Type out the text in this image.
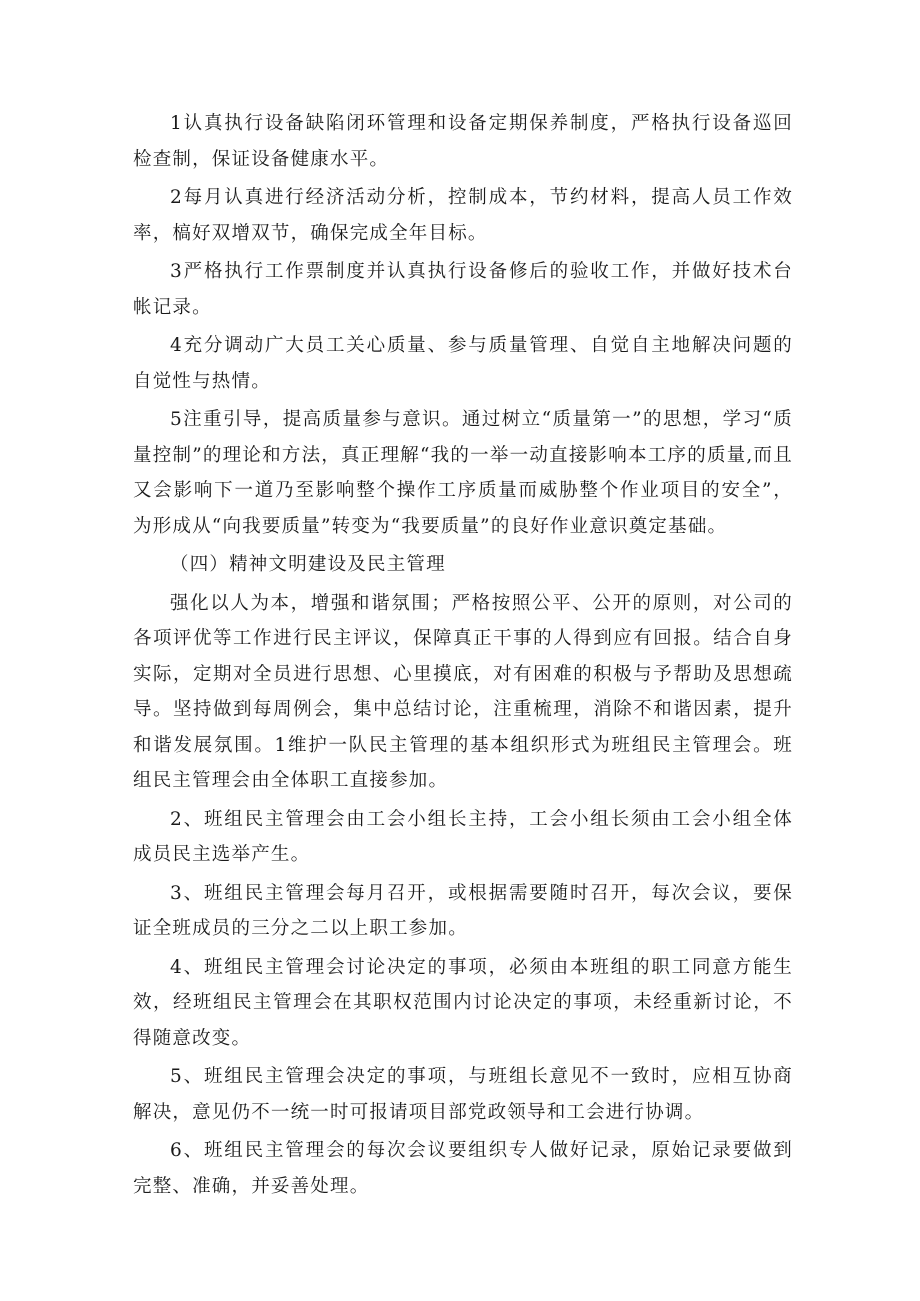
1认真执行设备缺陷闭环管理和设备定期保养制度，严格执行设备巡回检查制，保证设备健康水平。

2每月认真进行经济活动分析，控制成本，节约材料，提高人员工作效率，槁好双增双节，确保完成全年目标。

3严格执行工作票制度并认真执行设备修后的验收工作，并做好技术台帐记录。

4充分调动广大员工关心质量、参与质量管理、自觉自主地解决问题的自觉性与热情。

5注重引导，提高质量参与意识。通过树立“质量第一”的思想，学习“质量控制”的理论和方法，真正理解“我的一举一动直接影响本工序的质量,而且又会影响下一道乃至影响整个操作工序质量而威胁整个作业项目的安全”，为形成从“向我要质量”转变为“我要质量”的良好作业意识奠定基础。

（四）精神文明建设及民主管理

强化以人为本，增强和谐氛围；严格按照公平、公开的原则，对公司的各项评优等工作进行民主评议，保障真正干事的人得到应有回报。结合自身实际，定期对全员进行思想、心里摸底，对有困难的积极与予帮助及思想疏导。坚持做到每周例会，集中总结讨论，注重梳理，消除不和谐因素，提升和谐发展氛围。1维护一队民主管理的基本组织形式为班组民主管理会。班组民主管理会由全体职工直接参加。

2、班组民主管理会由工会小组长主持，工会小组长须由工会小组全体成员民主选举产生。

3、班组民主管理会每月召开，或根据需要随时召开，每次会议，要保证全班成员的三分之二以上职工参加。

4、班组民主管理会讨论决定的事项，必须由本班组的职工同意方能生效，经班组民主管理会在其职权范围内讨论决定的事项，未经重新讨论，不得随意改变。

5、班组民主管理会决定的事项，与班组长意见不一致时，应相互协商解决，意见仍不一统一时可报请项目部党政领导和工会进行协调。

6、班组民主管理会的每次会议要组织专人做好记录，原始记录要做到完整、准确，并妥善处理。
